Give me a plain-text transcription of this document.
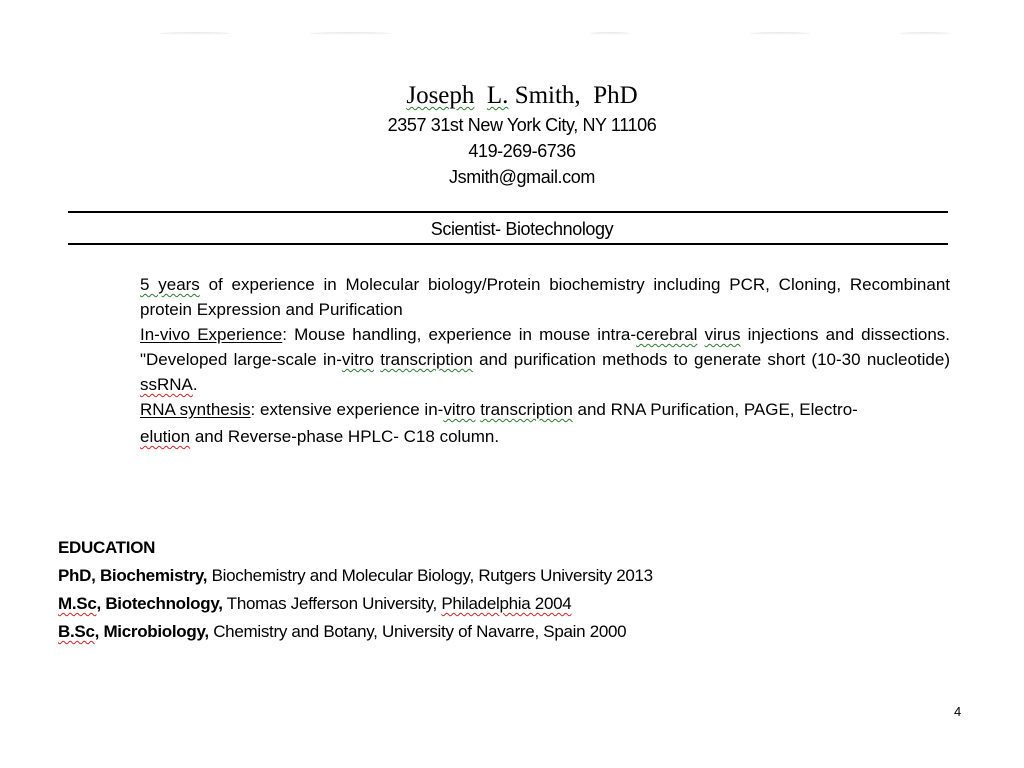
Joseph L. Smith, PhD
2357 31st New York City, NY 11106
419-269-6736
Jsmith@gmail.com
Scientist- Biotechnology

5 years of experience in Molecular biology/Protein biochemistry including PCR, Cloning, Recombinant protein Expression and Purification

In-vivo Experience: Mouse handling, experience in mouse intra-cerebral virus injections and dissections. "Developed large-scale in-vitro transcription and purification methods to generate short (10-30 nucleotide) ssRNA.

RNA synthesis: extensive experience in-vitro transcription and RNA Purification, PAGE, Electro-

elution and Reverse-phase HPLC- C18 column.

EDUCATION
PhD, Biochemistry, Biochemistry and Molecular Biology, Rutgers University 2013
M.Sc, Biotechnology, Thomas Jefferson University, Philadelphia 2004
B.Sc, Microbiology, Chemistry and Botany, University of Navarre, Spain 2000
4
